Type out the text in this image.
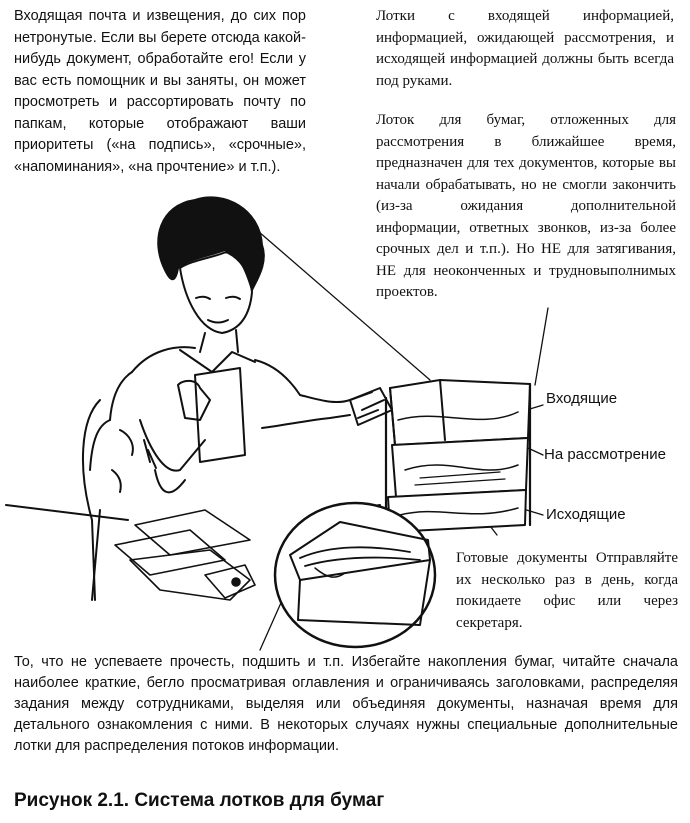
Входящая почта и извещения, до сих пор нетронутые. Если вы берете отсюда какой-нибудь документ, обработайте его! Если у вас есть помощник и вы заняты, он может просмотреть и рассортировать почту по папкам, которые отображают ваши приоритеты («на подпись», «срочные», «напоминания», «на прочтение» и т.п.).

Лотки с входящей информацией, информацией, ожидающей рассмотрения, и исходящей информацией должны быть всегда под руками.

Лоток для бумаг, отложенных для рассмотрения в ближайшее время, предназначен для тех документов, которые вы начали обрабатывать, но не смогли закончить (из-за ожидания дополнительной информации, ответных звонков, из-за более срочных дел и т.п.). Но НЕ для затягивания, НЕ для неоконченных и трудновыполнимых проектов.

Входящие
На рассмотрение
Исходящие

Готовые документы Отправляйте их несколько раз в день, когда покидаете офис или через секретаря.

То, что не успеваете прочесть, подшить и т.п. Избегайте накопления бумаг, читайте сначала наиболее краткие, бегло просматривая оглавления и ограничиваясь заголовками, распределяя задания между сотрудниками, выделяя или объединяя документы, назначая время для детального ознакомления с ними. В некоторых случаях нужны специальные дополнительные лотки для распределения потоков информации.

Рисунок 2.1. Система лотков для бумаг
